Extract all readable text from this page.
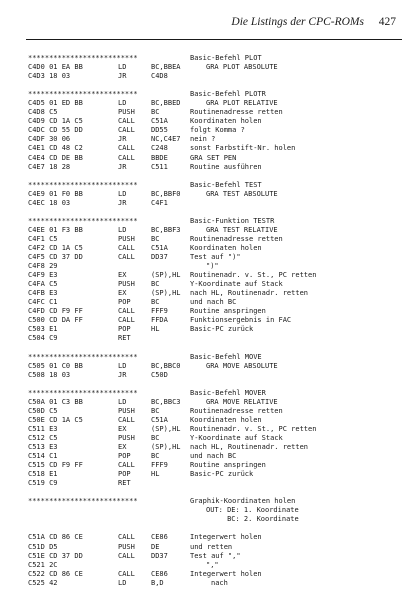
Die Listings der CPC-ROMs 427
**************************	Basic-Befehl PLOT
C4D0 01 EA BB	LD	BC,BBEA	GRA PLOT ABSOLUTE
C4D3 18 03	JR	C4D8
**************************	Basic-Befehl PLOTR
C4D5 01 ED BB	LD	BC,BBED	GRA PLOT RELATIVE
C4D8 C5	PUSH BC	Routinenadresse retten
C4D9 CD 1A C5	CALL C51A	Koordinaten holen
C4DC CD 55 DD	CALL DD55	folgt Komma ?
C4DF 30 06	JR	NC,C4E7 nein ?
C4E1 CD 48 C2	CALL C248	sonst Farbstift-Nr. holen
C4E4 CD DE BB	CALL BBDE	GRA SET PEN
C4E7 18 28	JR	C511	Routine ausführen
**************************	Basic-Befehl TEST
C4E9 01 F0 BB	LD	BC,BBF0	GRA TEST ABSOLUTE
C4EC 18 03	JR	C4F1
**************************	Basic-Funktion TESTR
C4EE 01 F3 BB	LD	BC,BBF3	GRA TEST RELATIVE
C4F1 C5	PUSH BC	Routinenadresse retten
C4F2 CD 1A C5	CALL C51A	Koordinaten holen
C4F5 CD 37 DD	CALL DD37	Test auf ")"
C4F8 29	")"
C4F9 E3	EX	(SP),HL Routinenadr. v. St., PC retten
C4FA C5	PUSH BC	Y-Koordinate auf Stack
C4FB E3	EX	(SP),HL nach HL, Routinenadr. retten
C4FC C1	POP	BC	und nach BC
C4FD CD F9 FF	CALL FFF9	Routine anspringen
C500 CD DA FF	CALL FFDA	Funktionsergebnis in FAC
C503 E1	POP	HL	Basic-PC zurück
C504 C9	RET
**************************	Basic-Befehl MOVE
C505 01 C0 BB	LD	BC,BBC0	GRA MOVE ABSOLUTE
C508 18 03	JR	C50D
**************************	Basic-Befehl MOVER
C50A 01 C3 BB	LD	BC,BBC3	GRA MOVE RELATIVE
C50D C5	PUSH BC	Routinenadresse retten
C50E CD 1A C5	CALL C51A	Koordinaten holen
C511 E3	EX	(SP),HL Routinenadr. v. St., PC retten
C512 C5	PUSH BC	Y-Koordinate auf Stack
C513 E3	EX	(SP),HL nach HL, Routinenadr. retten
C514 C1	POP	BC	und nach BC
C515 CD F9 FF	CALL FFF9	Routine anspringen
C518 E1	POP	HL	Basic-PC zurück
C519 C9	RET
**************************	Graphik-Koordinaten holen
OUT: DE: 1. Koordinate
BC: 2. Koordinate
C51A CD 86 CE	CALL CE86	Integerwert holen
C51D D5	PUSH DE	und retten
C51E CD 37 DD	CALL DD37	Test auf ","
C521 2C	","
C522 CD 86 CE	CALL CE86	Integerwert holen
C525 42	LD	B,D	nach
